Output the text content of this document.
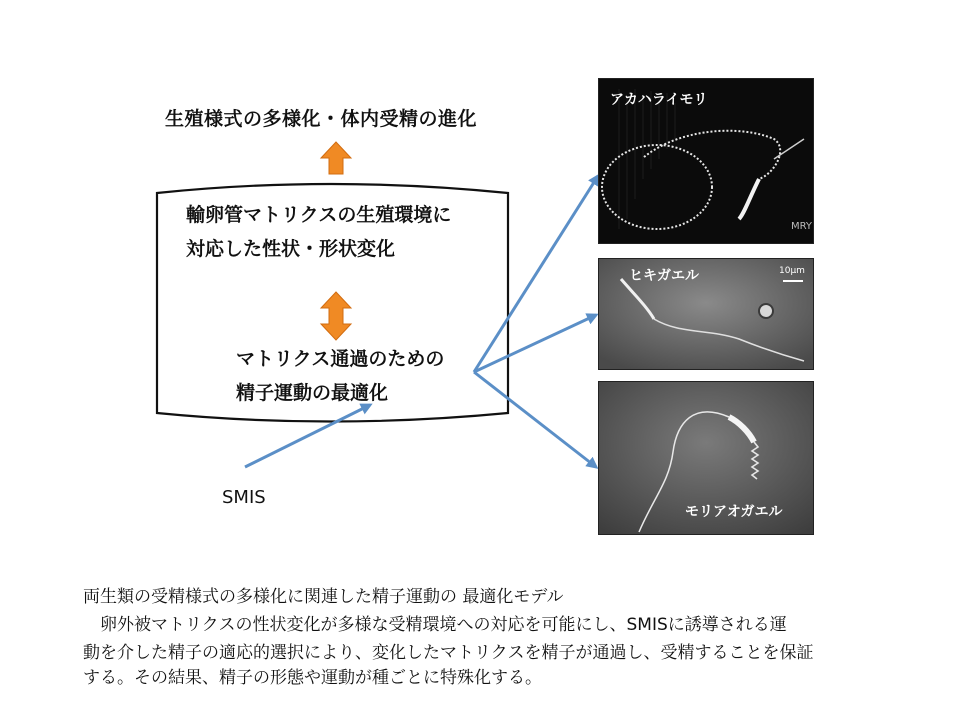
生殖様式の多様化・体内受精の進化
輸卵管マトリクスの生殖環境に
対応した性状・形状変化
マトリクス通過のための
精子運動の最適化
SMIS
MRY
アカハライモリ
ヒキガエル	10μm
モリアオガエル
両生類の受精様式の多様化に関連した精子運動の 最適化モデル
　卵外被マトリクスの性状変化が多様な受精環境への対応を可能にし、SMISに誘導される運
動を介した精子の適応的選択により、変化したマトリクスを精子が通過し、受精することを保証
する。その結果、精子の形態や運動が種ごとに特殊化する。
